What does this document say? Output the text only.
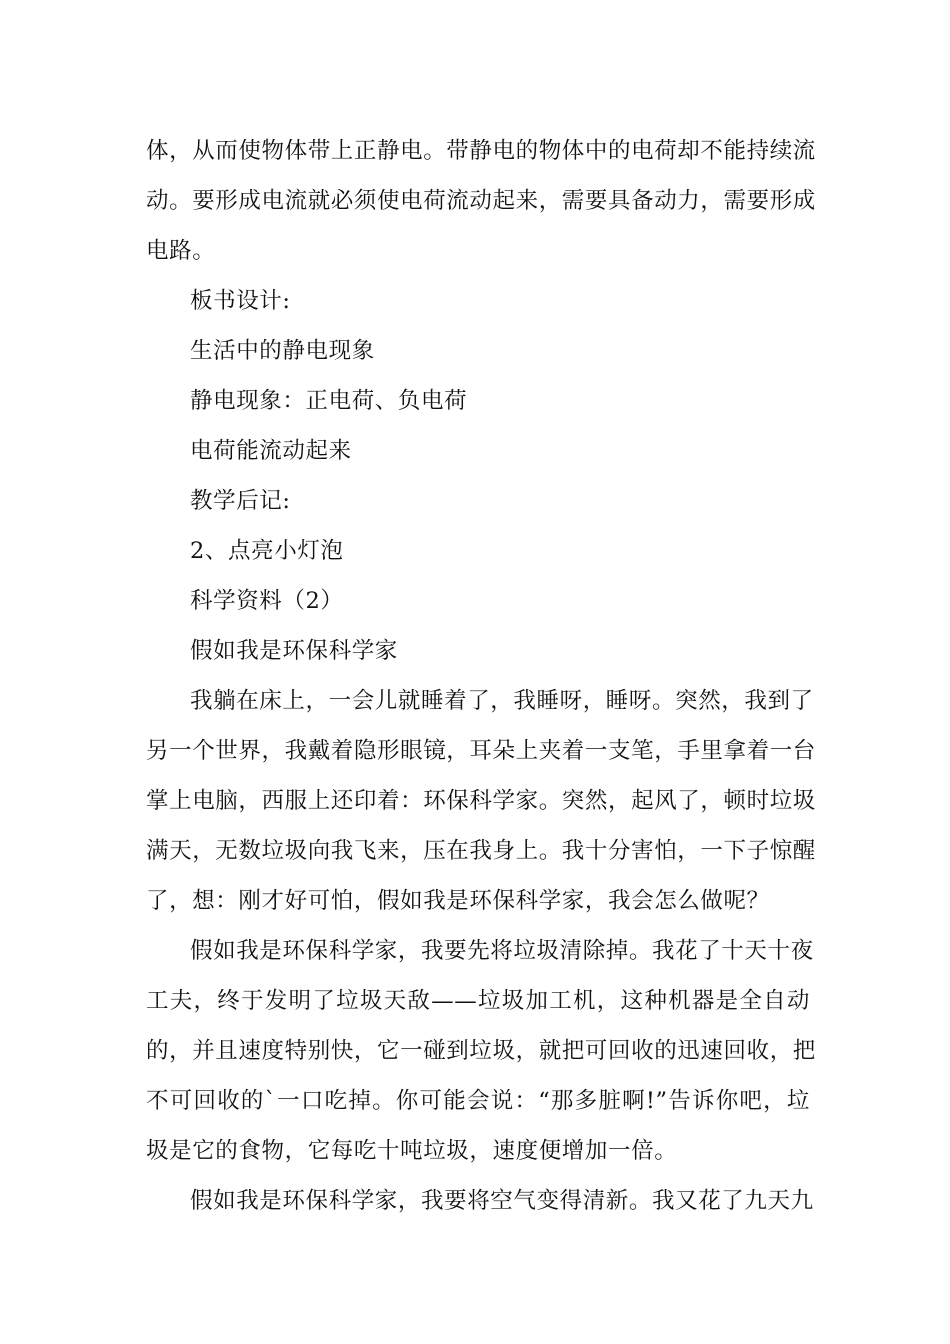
体，从而使物体带上正静电。带静电的物体中的电荷却不能持续流
动。要形成电流就必须使电荷流动起来，需要具备动力，需要形成
电路。
板书设计:
生活中的静电现象
静电现象：正电荷、负电荷
电荷能流动起来
教学后记:
2、点亮小灯泡
科学资料（2）
假如我是环保科学家
我躺在床上，一会儿就睡着了，我睡呀，睡呀。突然，我到了
另一个世界，我戴着隐形眼镜，耳朵上夹着一支笔，手里拿着一台
掌上电脑，西服上还印着：环保科学家。突然，起风了，顿时垃圾
满天，无数垃圾向我飞来，压在我身上。我十分害怕，一下子惊醒
了，想：刚才好可怕，假如我是环保科学家，我会怎么做呢？
假如我是环保科学家，我要先将垃圾清除掉。我花了十天十夜
工夫，终于发明了垃圾天敌——垃圾加工机，这种机器是全自动
的，并且速度特别快，它一碰到垃圾，就把可回收的迅速回收，把
不可回收的`一口吃掉。你可能会说：“那多脏啊!”告诉你吧，垃
圾是它的食物，它每吃十吨垃圾，速度便增加一倍。
假如我是环保科学家，我要将空气变得清新。我又花了九天九
